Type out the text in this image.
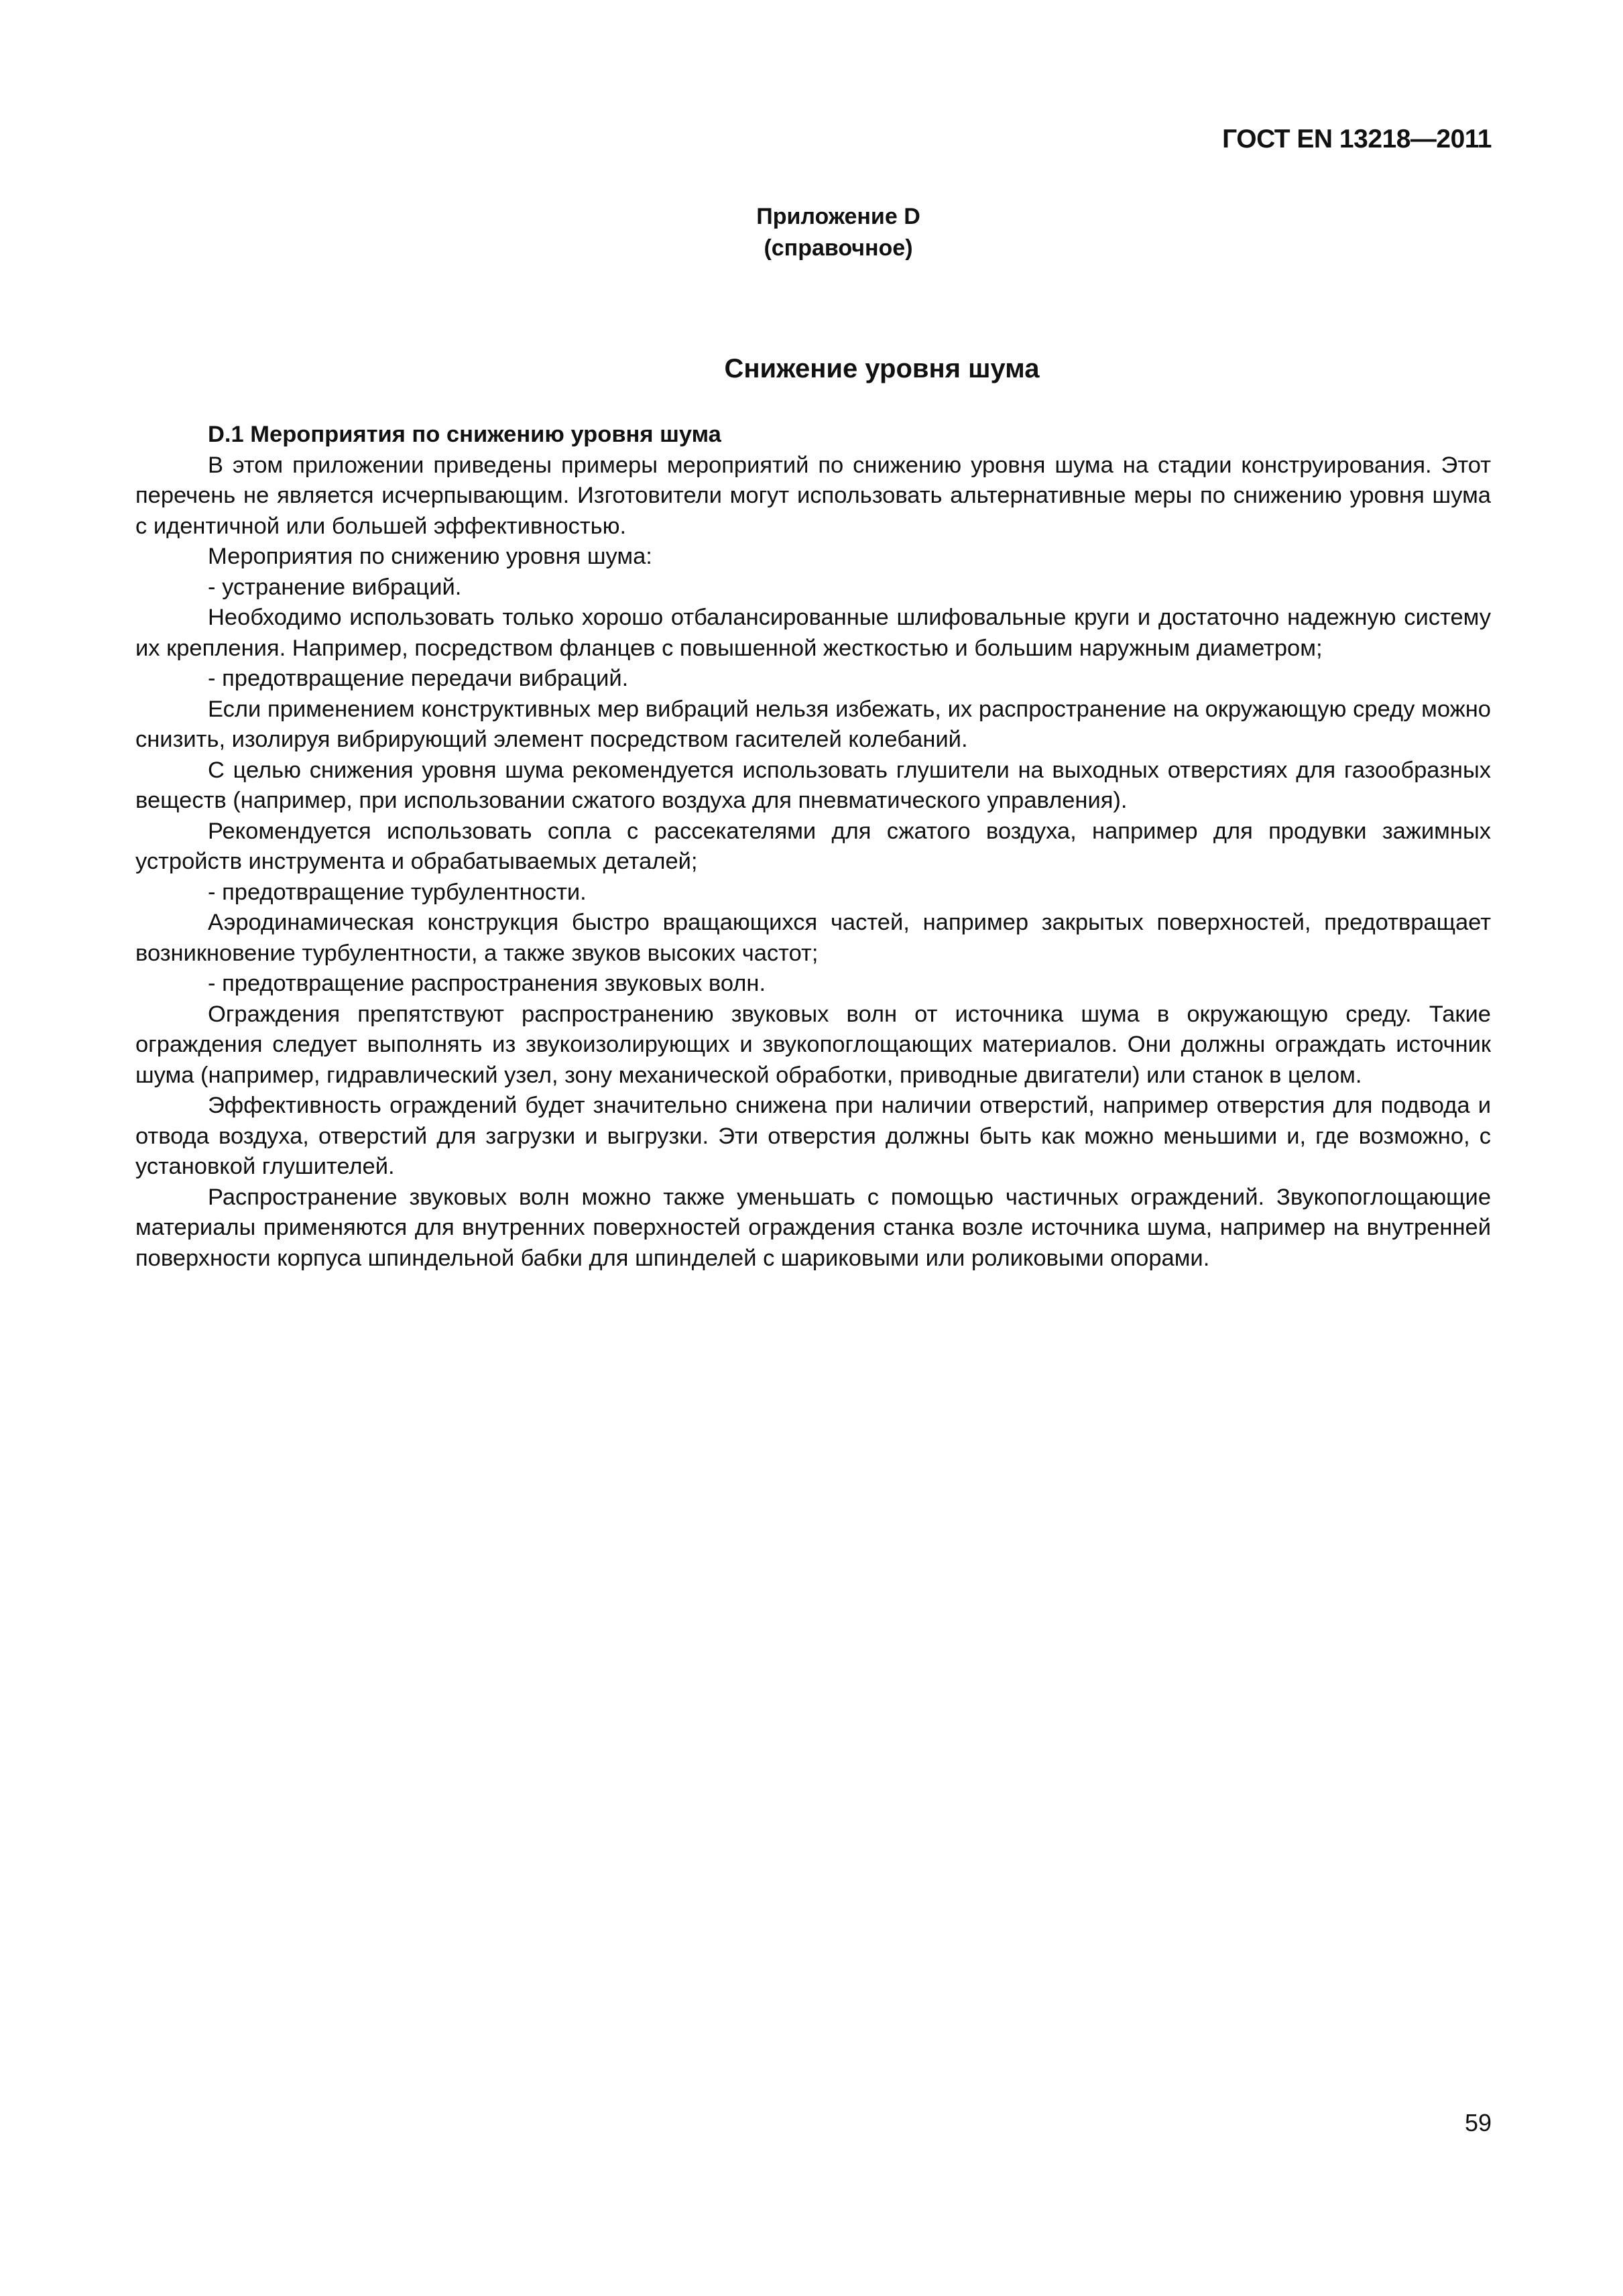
ГОСТ EN 13218—2011
Приложение D
(справочное)
Снижение уровня шума

D.1 Мероприятия по снижению уровня шума

В этом приложении приведены примеры мероприятий по снижению уровня шума на стадии конструирования. Этот перечень не является исчерпывающим. Изготовители могут использовать альтернативные меры по снижению уровня шума с идентичной или большей эффективностью.

Мероприятия по снижению уровня шума:

- устранение вибраций.

Необходимо использовать только хорошо отбалансированные шлифовальные круги и достаточно надежную систему их крепления. Например, посредством фланцев с повышенной жесткостью и большим наружным диаметром;

- предотвращение передачи вибраций.

Если применением конструктивных мер вибраций нельзя избежать, их распространение на окружающую среду можно снизить, изолируя вибрирующий элемент посредством гасителей колебаний.

С целью снижения уровня шума рекомендуется использовать глушители на выходных отверстиях для газообразных веществ (например, при использовании сжатого воздуха для пневматического управления).

Рекомендуется использовать сопла с рассекателями для сжатого воздуха, например для продувки зажимных устройств инструмента и обрабатываемых деталей;

- предотвращение турбулентности.

Аэродинамическая конструкция быстро вращающихся частей, например закрытых поверхностей, предотвращает возникновение турбулентности, а также звуков высоких частот;

- предотвращение распространения звуковых волн.

Ограждения препятствуют распространению звуковых волн от источника шума в окружающую среду. Такие ограждения следует выполнять из звукоизолирующих и звукопоглощающих материалов. Они должны ограждать источник шума (например, гидравлический узел, зону механической обработки, приводные двигатели) или станок в целом.

Эффективность ограждений будет значительно снижена при наличии отверстий, например отверстия для подвода и отвода воздуха, отверстий для загрузки и выгрузки. Эти отверстия должны быть как можно меньшими и, где возможно, с установкой глушителей.

Распространение звуковых волн можно также уменьшать с помощью частичных ограждений. Звукопоглощающие материалы применяются для внутренних поверхностей ограждения станка возле источника шума, например на внутренней поверхности корпуса шпиндельной бабки для шпинделей с шариковыми или роликовыми опорами.

59
